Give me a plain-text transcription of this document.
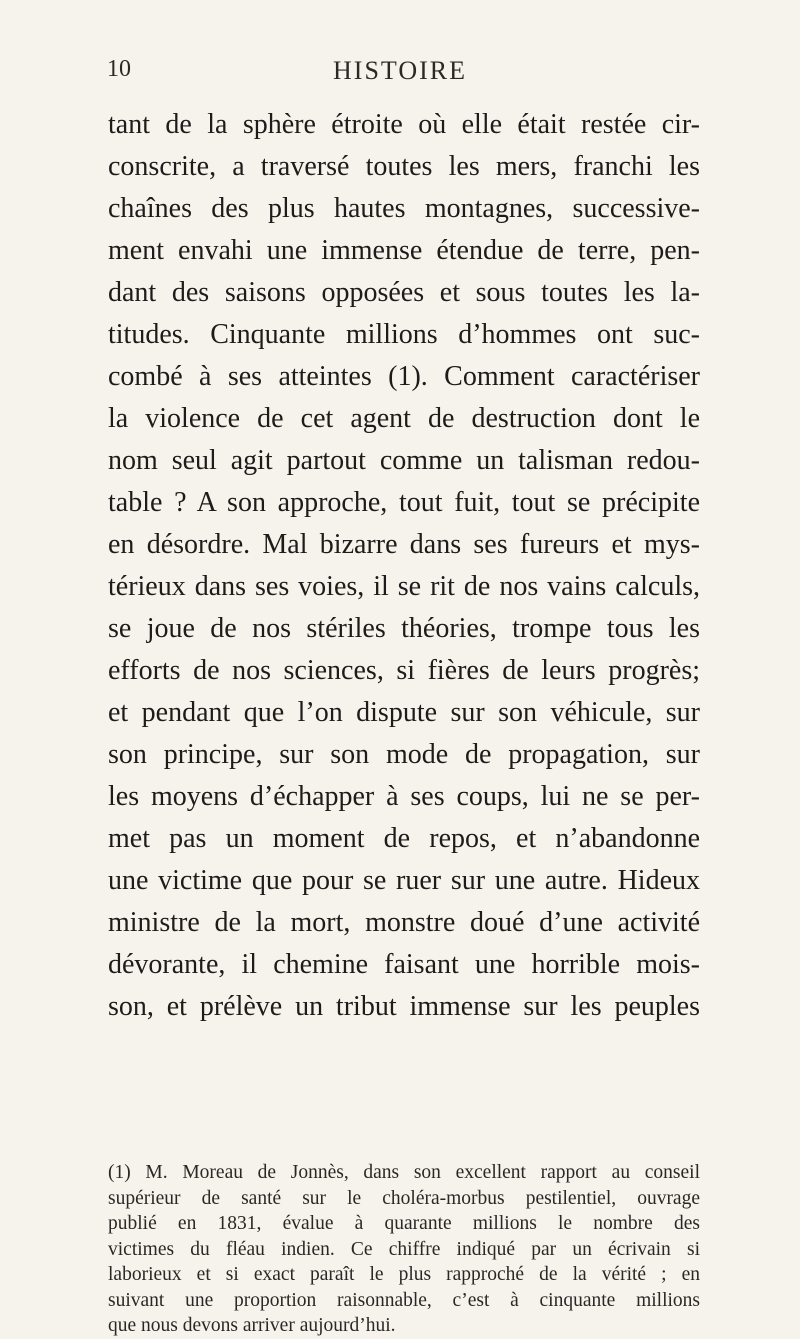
10	HISTOIRE
tant de la sphère étroite où elle était restée cir-
conscrite, a traversé toutes les mers, franchi les
chaînes des plus hautes montagnes, successive-
ment envahi une immense étendue de terre, pen-
dant des saisons opposées et sous toutes les la-
titudes. Cinquante millions d’hommes ont suc-
combé à ses atteintes (1). Comment caractériser
la violence de cet agent de destruction dont le
nom seul agit partout comme un talisman redou-
table ? A son approche, tout fuit, tout se précipite
en désordre. Mal bizarre dans ses fureurs et mys-
térieux dans ses voies, il se rit de nos vains calculs,
se joue de nos stériles théories, trompe tous les
efforts de nos sciences, si fières de leurs progrès;
et pendant que l’on dispute sur son véhicule, sur
son principe, sur son mode de propagation, sur
les moyens d’échapper à ses coups, lui ne se per-
met pas un moment de repos, et n’abandonne
une victime que pour se ruer sur une autre. Hideux
ministre de la mort, monstre doué d’une activité
dévorante, il chemine faisant une horrible mois-
son, et prélève un tribut immense sur les peuples
(1) M. Moreau de Jonnès, dans son excellent rapport au conseil
supérieur de santé sur le choléra-morbus pestilentiel, ouvrage
publié en 1831, évalue à quarante millions le nombre des
victimes du fléau indien. Ce chiffre indiqué par un écrivain si
laborieux et si exact paraît le plus rapproché de la vérité ; en
suivant une proportion raisonnable, c’est à cinquante millions
que nous devons arriver aujourd’hui.
